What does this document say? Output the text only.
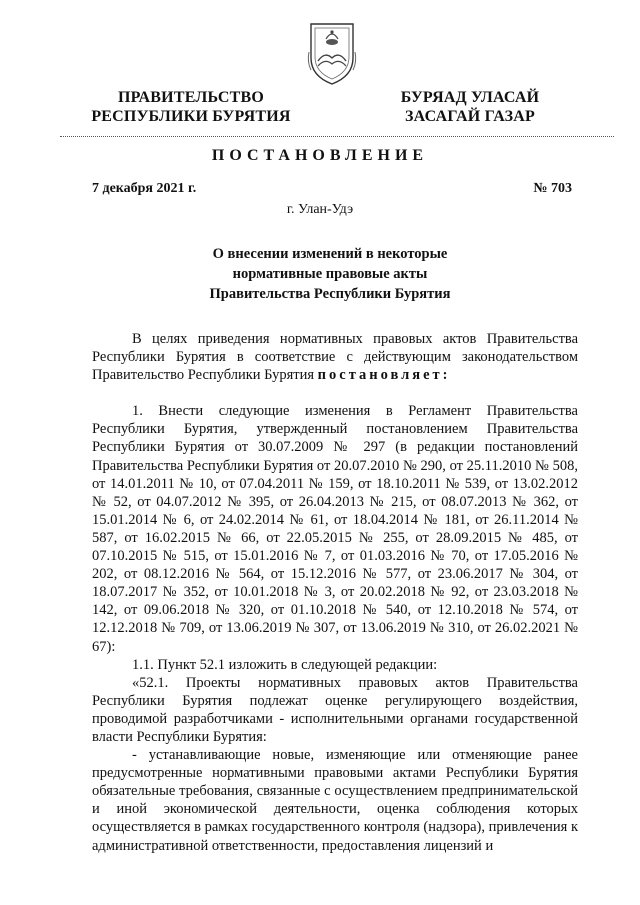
ПРАВИТЕЛЬСТВО
РЕСПУБЛИКИ БУРЯТИЯ
БУРЯАД УЛАСАЙ
ЗАСАГАЙ ГАЗАР
ПОСТАНОВЛЕНИЕ
7 декабря 2021 г.	№ 703
г. Улан-Удэ
О внесении изменений в некоторые
нормативные правовые акты
Правительства Республики Бурятия

В целях приведения нормативных правовых актов Правительства Республики Бурятия в соответствие с действующим законодательством Правительство Республики Бурятия постановляет:

1. Внести следующие изменения в Регламент Правительства Республики Бурятия, утвержденный постановлением Правительства Республики Бурятия от 30.07.2009 № 297 (в редакции постановлений Правительства Республики Бурятия от 20.07.2010 № 290, от 25.11.2010 № 508, от 14.01.2011 № 10, от 07.04.2011 № 159, от 18.10.2011 № 539, от 13.02.2012 № 52, от 04.07.2012 № 395, от 26.04.2013 № 215, от 08.07.2013 № 362, от 15.01.2014 № 6, от 24.02.2014 № 61, от 18.04.2014 № 181, от 26.11.2014 № 587, от 16.02.2015 № 66, от 22.05.2015 № 255, от 28.09.2015 № 485, от 07.10.2015 № 515, от 15.01.2016 № 7, от 01.03.2016 № 70, от 17.05.2016 № 202, от 08.12.2016 № 564, от 15.12.2016 № 577, от 23.06.2017 № 304, от 18.07.2017 № 352, от 10.01.2018 № 3, от 20.02.2018 № 92, от 23.03.2018 № 142, от 09.06.2018 № 320, от 01.10.2018 № 540, от 12.10.2018 № 574, от 12.12.2018 № 709, от 13.06.2019 № 307, от 13.06.2019 № 310, от 26.02.2021 № 67):

1.1. Пункт 52.1 изложить в следующей редакции:

«52.1. Проекты нормативных правовых актов Правительства Республики Бурятия подлежат оценке регулирующего воздействия, проводимой разработчиками - исполнительными органами государственной власти Республики Бурятия:

- устанавливающие новые, изменяющие или отменяющие ранее предусмотренные нормативными правовыми актами Республики Бурятия обязательные требования, связанные с осуществлением предпринимательской и иной экономической деятельности, оценка соблюдения которых осуществляется в рамках государственного контроля (надзора), привлечения к административной ответственности, предоставления лицензий и
